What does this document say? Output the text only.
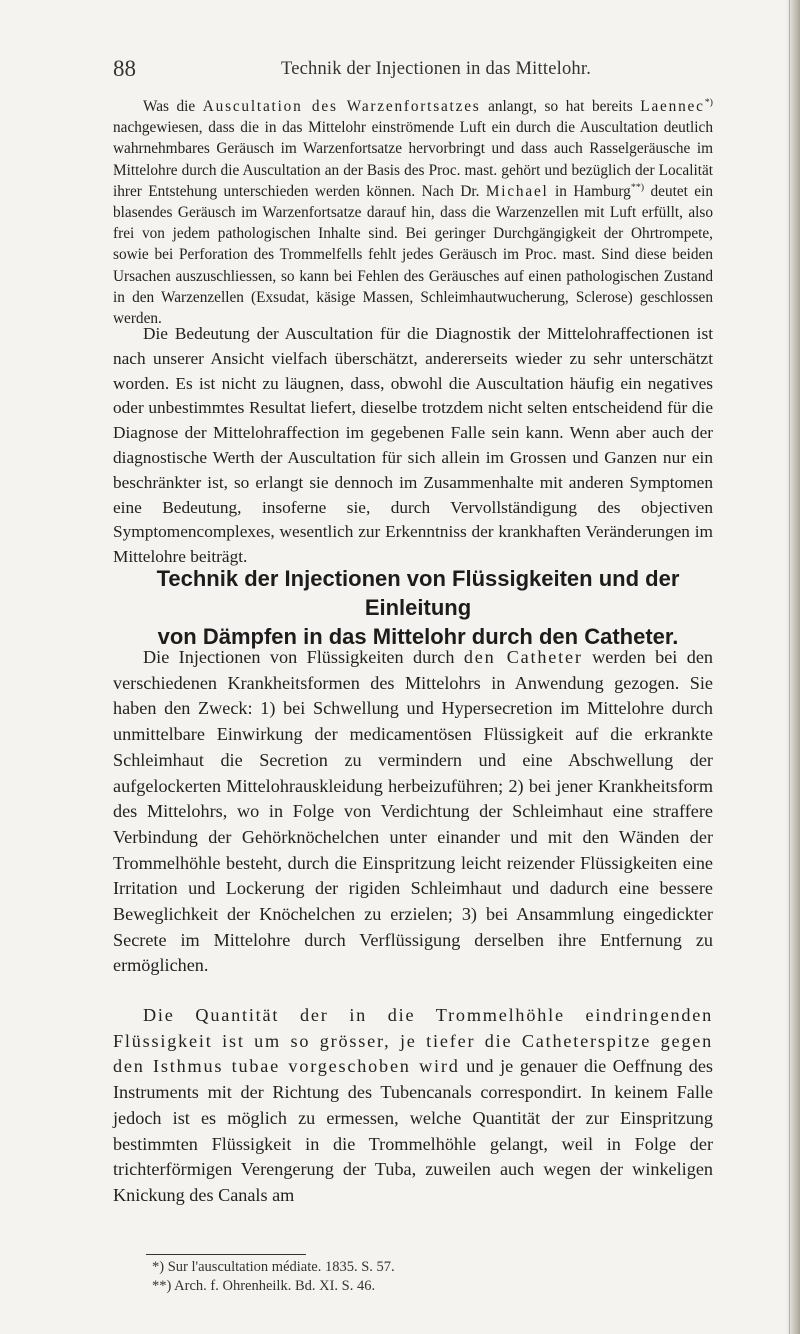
88	Technik der Injectionen in das Mittelohr.

Was die Auscultation des Warzenfortsatzes anlangt, so hat bereits Laennec*) nachgewiesen, dass die in das Mittelohr einströmende Luft ein durch die Auscultation deutlich wahrnehmbares Geräusch im Warzenfortsatze hervorbringt und dass auch Rasselgeräusche im Mittelohre durch die Auscultation an der Basis des Proc. mast. gehört und bezüglich der Localität ihrer Entstehung unterschieden werden können. Nach Dr. Michael in Hamburg**) deutet ein blasendes Geräusch im Warzenfortsatze darauf hin, dass die Warzenzellen mit Luft erfüllt, also frei von jedem pathologischen Inhalte sind. Bei geringer Durchgängigkeit der Ohrtrompete, sowie bei Perforation des Trommelfells fehlt jedes Geräusch im Proc. mast. Sind diese beiden Ursachen auszuschliessen, so kann bei Fehlen des Geräusches auf einen pathologischen Zustand in den Warzenzellen (Exsudat, käsige Massen, Schleimhautwucherung, Sclerose) geschlossen werden.

Die Bedeutung der Auscultation für die Diagnostik der Mittelohraffectionen ist nach unserer Ansicht vielfach überschätzt, andererseits wieder zu sehr unterschätzt worden. Es ist nicht zu läugnen, dass, obwohl die Auscultation häufig ein negatives oder unbestimmtes Resultat liefert, dieselbe trotzdem nicht selten entscheidend für die Diagnose der Mittelohraffection im gegebenen Falle sein kann. Wenn aber auch der diagnostische Werth der Auscultation für sich allein im Grossen und Ganzen nur ein beschränkter ist, so erlangt sie dennoch im Zusammenhalte mit anderen Symptomen eine Bedeutung, insoferne sie, durch Vervollständigung des objectiven Symptomencomplexes, wesentlich zur Erkenntniss der krankhaften Veränderungen im Mittelohre beiträgt.

Technik der Injectionen von Flüssigkeiten und der Einleitung
von Dämpfen in das Mittelohr durch den Catheter.

Die Injectionen von Flüssigkeiten durch den Catheter werden bei den verschiedenen Krankheitsformen des Mittelohrs in Anwendung gezogen. Sie haben den Zweck: 1) bei Schwellung und Hypersecretion im Mittelohre durch unmittelbare Einwirkung der medicamentösen Flüssigkeit auf die erkrankte Schleimhaut die Secretion zu vermindern und eine Abschwellung der aufgelockerten Mittelohrauskleidung herbeizuführen; 2) bei jener Krankheitsform des Mittelohrs, wo in Folge von Verdichtung der Schleimhaut eine straffere Verbindung der Gehörknöchelchen unter einander und mit den Wänden der Trommelhöhle besteht, durch die Einspritzung leicht reizender Flüssigkeiten eine Irritation und Lockerung der rigiden Schleimhaut und dadurch eine bessere Beweglichkeit der Knöchelchen zu erzielen; 3) bei Ansammlung eingedickter Secrete im Mittelohre durch Verflüssigung derselben ihre Entfernung zu ermöglichen.

Die Quantität der in die Trommelhöhle eindringenden Flüssigkeit ist um so grösser, je tiefer die Catheterspitze gegen den Isthmus tubae vorgeschoben wird und je genauer die Oeffnung des Instruments mit der Richtung des Tubencanals correspondirt. In keinem Falle jedoch ist es möglich zu ermessen, welche Quantität der zur Einspritzung bestimmten Flüssigkeit in die Trommelhöhle gelangt, weil in Folge der trichterförmigen Verengerung der Tuba, zuweilen auch wegen der winkeligen Knickung des Canals am

*) Sur l'auscultation médiate. 1835. S. 57.
**) Arch. f. Ohrenheilk. Bd. XI. S. 46.
